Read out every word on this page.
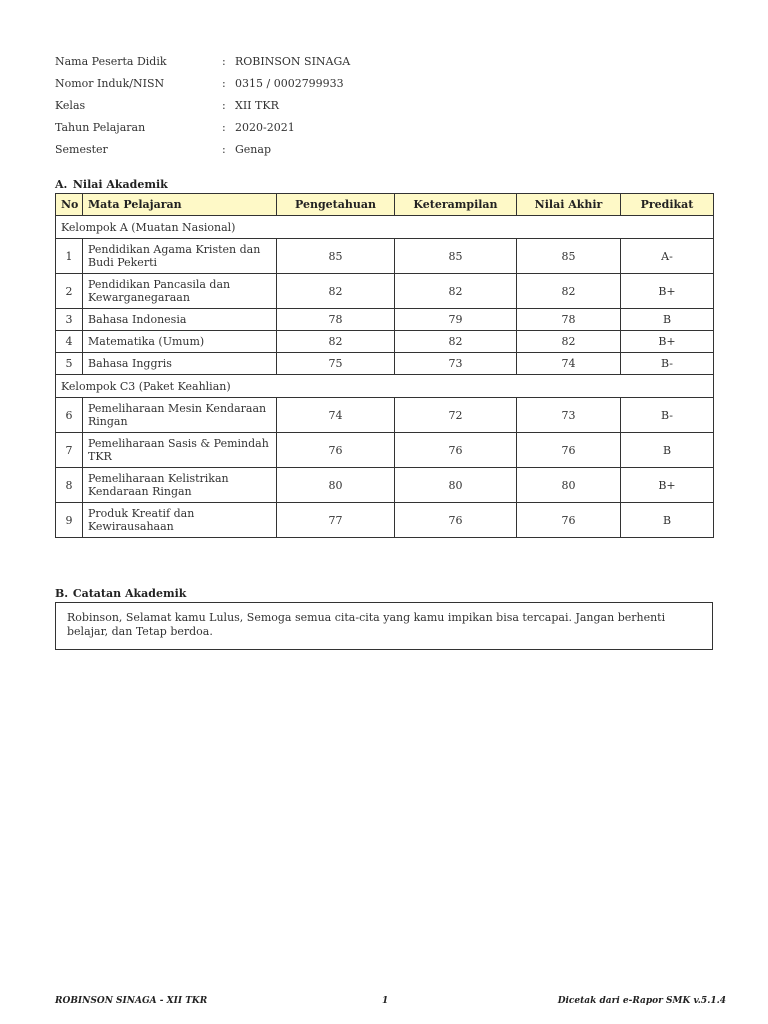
Nama Peserta Didik	: ROBINSON SINAGA
Nomor Induk/NISN	: 0315 / 0002799933
Kelas	: XII TKR
Tahun Pelajaran	: 2020-2021
Semester	: Genap
A. Nilai Akademik
No	Mata Pelajaran	Pengetahuan	Keterampilan	Nilai Akhir	Predikat
Kelompok A (Muatan Nasional)					
1	Pendidikan Agama Kristen dan Budi Pekerti	85	85	85	A-
2	Pendidikan Pancasila dan Kewarganegaraan	82	82	82	B+
3	Bahasa Indonesia	78	79	78	B
4	Matematika (Umum)	82	82	82	B+
5	Bahasa Inggris	75	73	74	B-
Kelompok C3 (Paket Keahlian)					
6	Pemeliharaan Mesin Kendaraan Ringan	74	72	73	B-
7	Pemeliharaan Sasis & Pemindah TKR	76	76	76	B
8	Pemeliharaan Kelistrikan Kendaraan Ringan	80	80	80	B+
9	Produk Kreatif dan Kewirausahaan	77	76	76	B
B. Catatan Akademik
Robinson, Selamat kamu Lulus, Semoga semua cita-cita yang kamu impikan bisa tercapai. Jangan berhenti belajar, dan Tetap berdoa.
ROBINSON SINAGA - XII TKR	1	Dicetak dari e-Rapor SMK v.5.1.4
